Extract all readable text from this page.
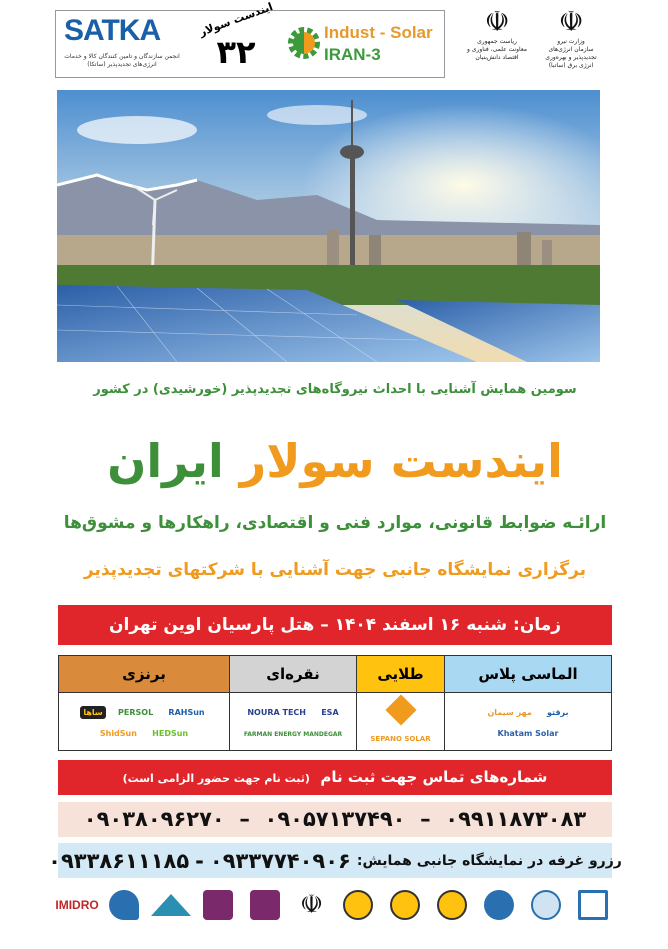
SATKA
انجمن سازندگان و تامین کنندگان کالا و خدمات انرژی‌های تجدیدپذیر (ساتکا)
ایندست سولار
۳۲
Indust - Solar
IRAN-3
☫
ریاست جمهوری
معاونت علمی، فناوری و اقتصاد دانش‌بنیان
☫
وزارت نیرو
سازمان انرژی‌های تجدیدپذیر و بهره‌وری انرژی برق (ساتبا)
سومین همایش آشنایی با احداث نیروگاه‌های تجدیدپذیر (خورشیدی) در کشور
ایندست سولار ایران
ارائـه ضوابط قانونی، موارد فنی و اقتصادی، راهکارها و مشوق‌ها
برگزاری نمایشگاه جانبی جهت آشنایی با شرکتهای تجدیدپذیر
زمان: شنبه ۱۶ اسفند ۱۴۰۴ – هتل پارسیان اوین تهران
الماسی پلاس	طلایی	نقره‌ای	برنزی
برقتو مهر سیمان Khatam Solar	SEPANO SOLAR	ESA NOURA TECH FARMAN ENERGY MANDEGAR	RAHSun PERSOL ساها HEDSun ShidSun
شماره‌های تماس جهت ثبت نام  (ثبت نام جهت حضور الزامی است)
۰۹۹۱۱۸۷۳۰۸۳  –  ۰۹۰۵۷۱۳۷۴۹۰  –  ۰۹۰۳۸۰۹۶۲۷۰
رزرو غرفه در نمایشگاه جانبی همایش:
۰۹۳۳۷۷۴۰۹۰۶
-
۰۹۳۳۸۶۱۱۱۸۵
☫
IMIDRO
